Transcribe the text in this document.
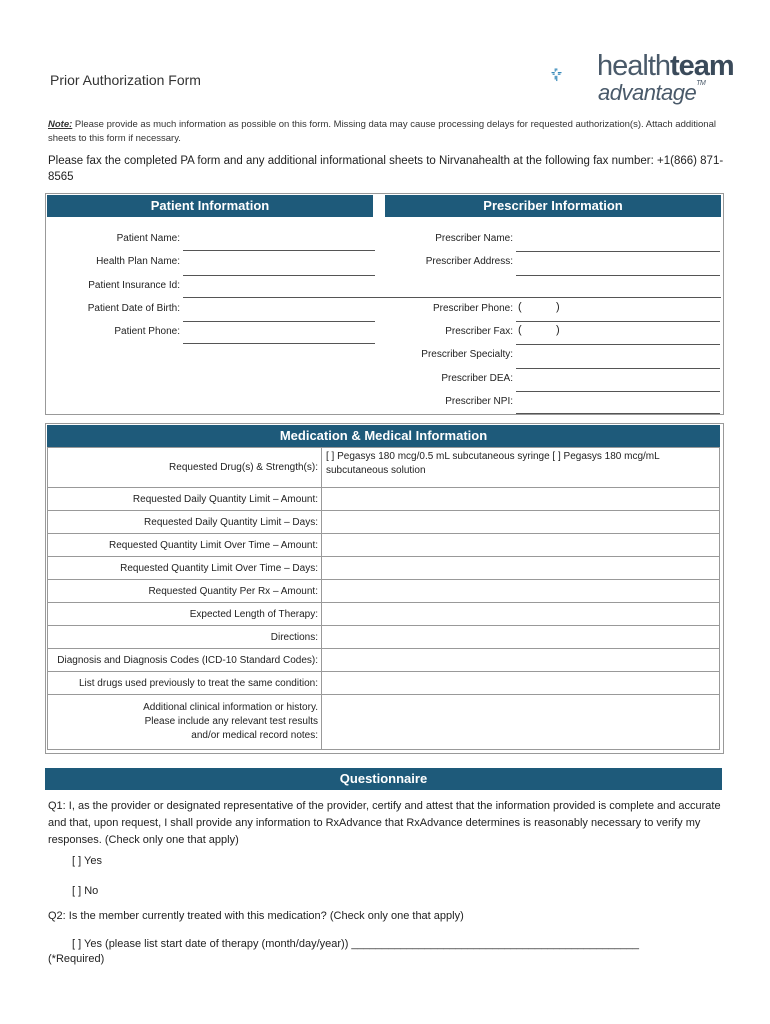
Prior Authorization Form	healthteam
advantage™
Note: Please provide as much information as possible on this form. Missing data may cause processing delays for requested authorization(s). Attach additional sheets to this form if necessary.
Please fax the completed PA form and any additional informational sheets to Nirvanahealth at the following fax number: +1(866) 871-8565
Patient Information	Prescriber Information
Patient Name:
Health Plan Name:
Patient Insurance Id:
Patient Date of Birth:
Patient Phone:
Prescriber Name:
Prescriber Address:
Prescriber Phone: (	)
Prescriber Fax: (	)
Prescriber Specialty:
Prescriber DEA:
Prescriber NPI:
Medication & Medical Information
Requested Drug(s) & Strength(s):	[ ] Pegasys 180 mcg/0.5 mL subcutaneous syringe [ ] Pegasys 180 mcg/mL subcutaneous solution
Requested Daily Quantity Limit – Amount:	
Requested Daily Quantity Limit – Days:	
Requested Quantity Limit Over Time – Amount:	
Requested Quantity Limit Over Time – Days:	
Requested Quantity Per Rx – Amount:	
Expected Length of Therapy:	
Directions:	
Diagnosis and Diagnosis Codes (ICD-10 Standard Codes):	
List drugs used previously to treat the same condition:	

Additional clinical information or history.
Please include any relevant test results
and/or medical record notes:	

Questionnaire
Q1: I, as the provider or designated representative of the provider, certify and attest that the information provided is complete and accurate and that, upon request, I shall provide any information to RxAdvance that RxAdvance determines is reasonably necessary to verify my responses. (Check only one that apply)
[ ] Yes
[ ] No
Q2: Is the member currently treated with this medication? (Check only one that apply)
[ ] Yes (please list start date of therapy (month/day/year)) _______________________________________________
(*Required)
